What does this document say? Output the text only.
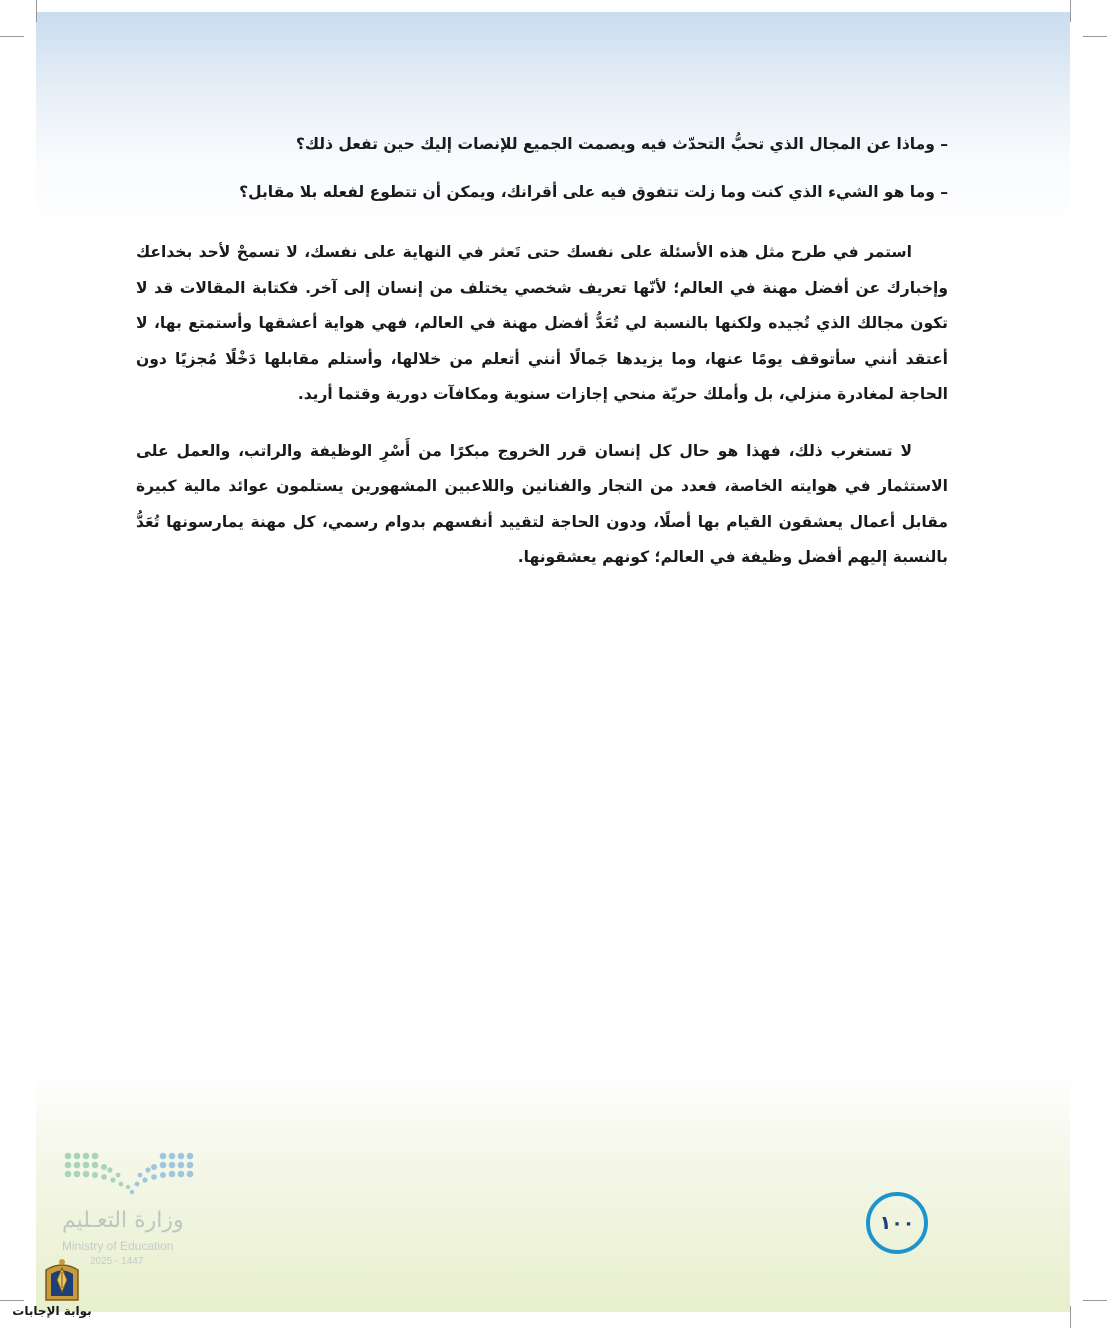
– وماذا عن المجال الذي تحبُّ التحدّث فيه ويصمت الجميع للإنصات إليك حين تفعل ذلك؟

– وما هو الشيء الذي كنت وما زلت تتفوق فيه على أقرانك، ويمكن أن تتطوع لفعله بلا مقابل؟

استمر في طرح مثل هذه الأسئلة على نفسك حتى تَعثر في النهاية على نفسك، لا تسمحْ لأحد بخداعك وإخبارك عن أفضل مهنة في العالم؛ لأنّها تعريف شخصي يختلف من إنسان إلى آخر. فكتابة المقالات قد لا تكون مجالك الذي تُجيده ولكنها بالنسبة لي تُعَدُّ أفضل مهنة في العالم، فهي هواية أعشقها وأستمتع بها، لا أعتقد أنني سأتوقف يومًا عنها، وما يزيدها جَمالًا أنني أتعلم من خلالها، وأستلم مقابلها دَخْلًا مُجزيًا دون الحاجة لمغادرة منزلي، بل وأملك حريّة منحي إجازات سنوية ومكافآت دورية وقتما أريد.

لا تستغرب ذلك، فهذا هو حال كل إنسان قرر الخروج مبكرًا من أَسْرِ الوظيفة والراتب، والعمل على الاستثمار في هوايته الخاصة، فعدد من التجار والفنانين واللاعبين المشهورين يستلمون عوائد مالية كبيرة مقابل أعمال يعشقون القيام بها أصلًا، ودون الحاجة لتقييد أنفسهم بدوام رسمي، كل مهنة يمارسونها تُعَدُّ بالنسبة إليهم أفضل وظيفة في العالم؛ كونهم يعشقونها.

١٠٠
وزارة التعـليم
Ministry of Education
2025 - 1447
بوابة الإجابات
